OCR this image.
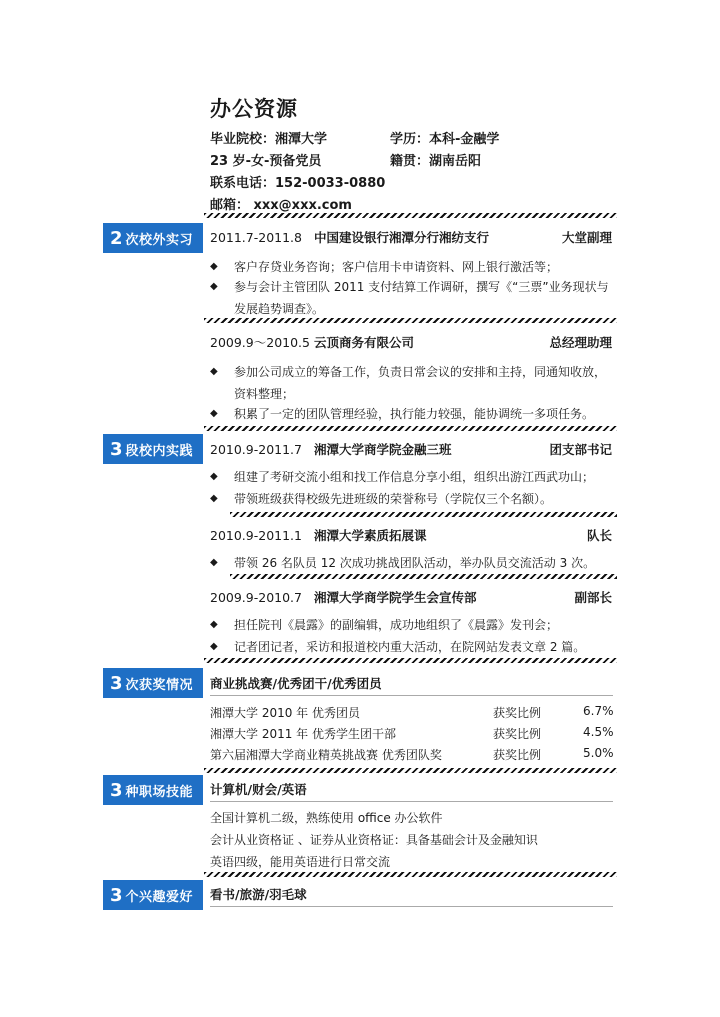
办公资源
毕业院校：湘潭大学	学历：本科-金融学
23 岁-女-预备党员	籍贯：湖南岳阳
联系电话：152-0033-0880
邮箱： xxx@xxx.com
2 次校外实习 2011.7-2011.8 中国建设银行湘潭分行湘纺支行	大堂副理
◆ 客户存贷业务咨询；客户信用卡申请资料、网上银行激活等；
◆ 参与会计主管团队 2011 支付结算工作调研，撰写《“三票”业务现状与发展趋势调查》。
2009.9～2010.5 云顶商务有限公司	总经理助理
◆ 参加公司成立的筹备工作，负责日常会议的安排和主持，同通知收放，资料整理；
◆ 积累了一定的团队管理经验，执行能力较强，能协调统一多项任务。
3 段校内实践 2010.9-2011.7 湘潭大学商学院金融三班	团支部书记
◆ 组建了考研交流小组和找工作信息分享小组，组织出游江西武功山；
◆ 带领班级获得校级先进班级的荣誉称号（学院仅三个名额）。
2010.9-2011.1 湘潭大学素质拓展课	队长
◆ 带领 26 名队员 12 次成功挑战团队活动，举办队员交流活动 3 次。
2009.9-2010.7 湘潭大学商学院学生会宣传部	副部长
◆ 担任院刊《晨露》的副编辑，成功地组织了《晨露》发刊会；
◆ 记者团记者，采访和报道校内重大活动，在院网站发表文章 2 篇。
3 次获奖情况 商业挑战赛/优秀团干/优秀团员
湘潭大学 2010 年 优秀团员	获奖比例	6.7%
湘潭大学 2011 年 优秀学生团干部	获奖比例	4.5%
第六届湘潭大学商业精英挑战赛 优秀团队奖	获奖比例	5.0%
3 种职场技能 计算机/财会/英语
全国计算机二级，熟练使用 office 办公软件
会计从业资格证 、证券从业资格证：具备基础会计及金融知识
英语四级，能用英语进行日常交流
3 个兴趣爱好 看书/旅游/羽毛球
